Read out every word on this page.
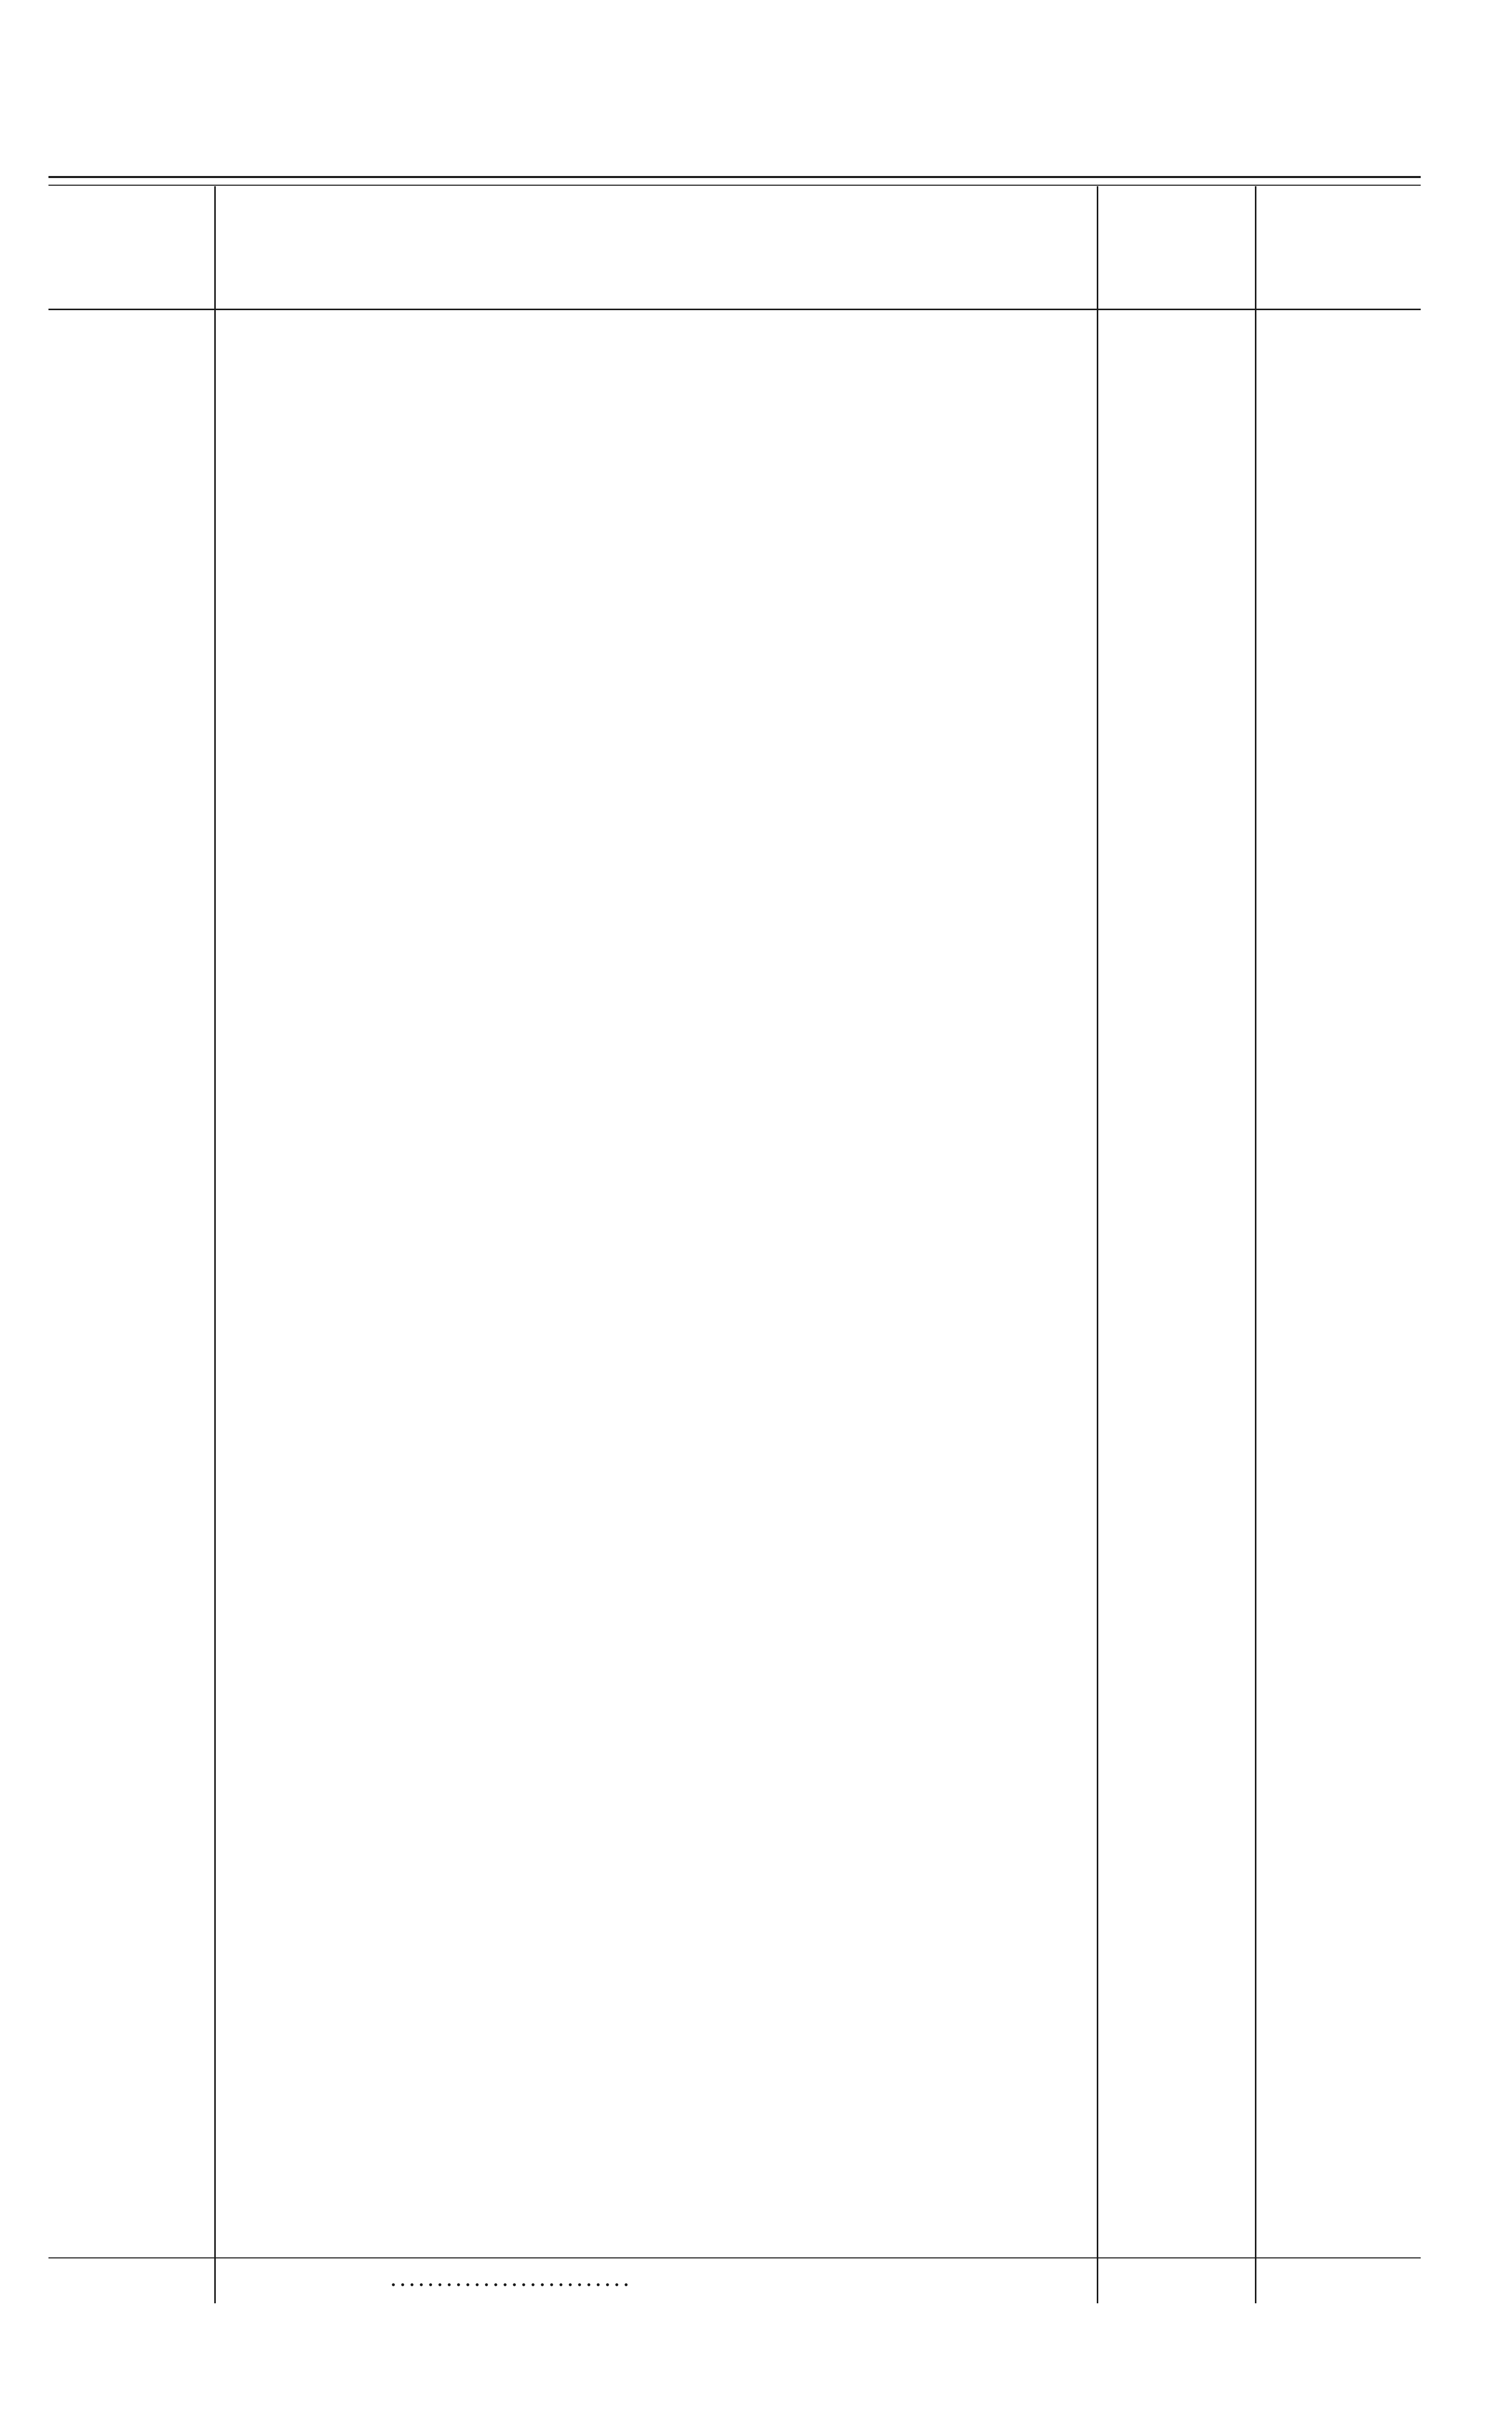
..........................
